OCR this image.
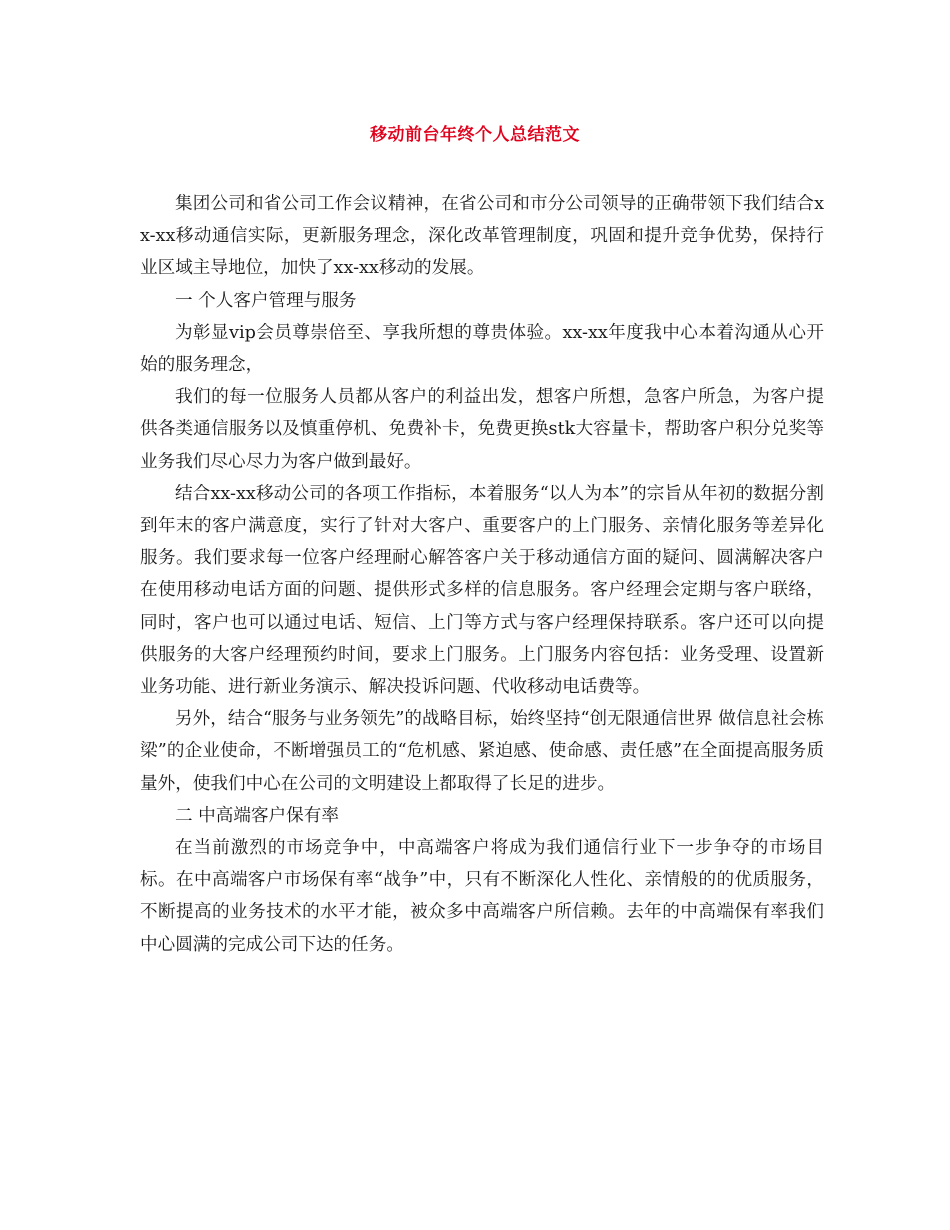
移动前台年终个人总结范文

集团公司和省公司工作会议精神，在省公司和市分公司领导的正确带领下我们结合xx-xx移动通信实际，更新服务理念，深化改革管理制度，巩固和提升竞争优势，保持行业区域主导地位，加快了xx-xx移动的发展。

一 个人客户管理与服务

为彰显vip会员尊崇倍至、享我所想的尊贵体验。xx-xx年度我中心本着沟通从心开始的服务理念，

我们的每一位服务人员都从客户的利益出发，想客户所想，急客户所急，为客户提供各类通信服务以及慎重停机、免费补卡，免费更换stk大容量卡，帮助客户积分兑奖等业务我们尽心尽力为客户做到最好。

结合xx-xx移动公司的各项工作指标，本着服务“以人为本”的宗旨从年初的数据分割到年末的客户满意度，实行了针对大客户、重要客户的上门服务、亲情化服务等差异化服务。我们要求每一位客户经理耐心解答客户关于移动通信方面的疑问、圆满解决客户在使用移动电话方面的问题、提供形式多样的信息服务。客户经理会定期与客户联络，同时，客户也可以通过电话、短信、上门等方式与客户经理保持联系。客户还可以向提供服务的大客户经理预约时间，要求上门服务。上门服务内容包括：业务受理、设置新业务功能、进行新业务演示、解决投诉问题、代收移动电话费等。

另外，结合“服务与业务领先”的战略目标，始终坚持“创无限通信世界 做信息社会栋梁”的企业使命，不断增强员工的“危机感、紧迫感、使命感、责任感”在全面提高服务质量外，使我们中心在公司的文明建设上都取得了长足的进步。

二 中高端客户保有率

在当前激烈的市场竞争中，中高端客户将成为我们通信行业下一步争夺的市场目标。在中高端客户市场保有率“战争”中，只有不断深化人性化、亲情般的的优质服务，不断提高的业务技术的水平才能，被众多中高端客户所信赖。去年的中高端保有率我们中心圆满的完成公司下达的任务。
